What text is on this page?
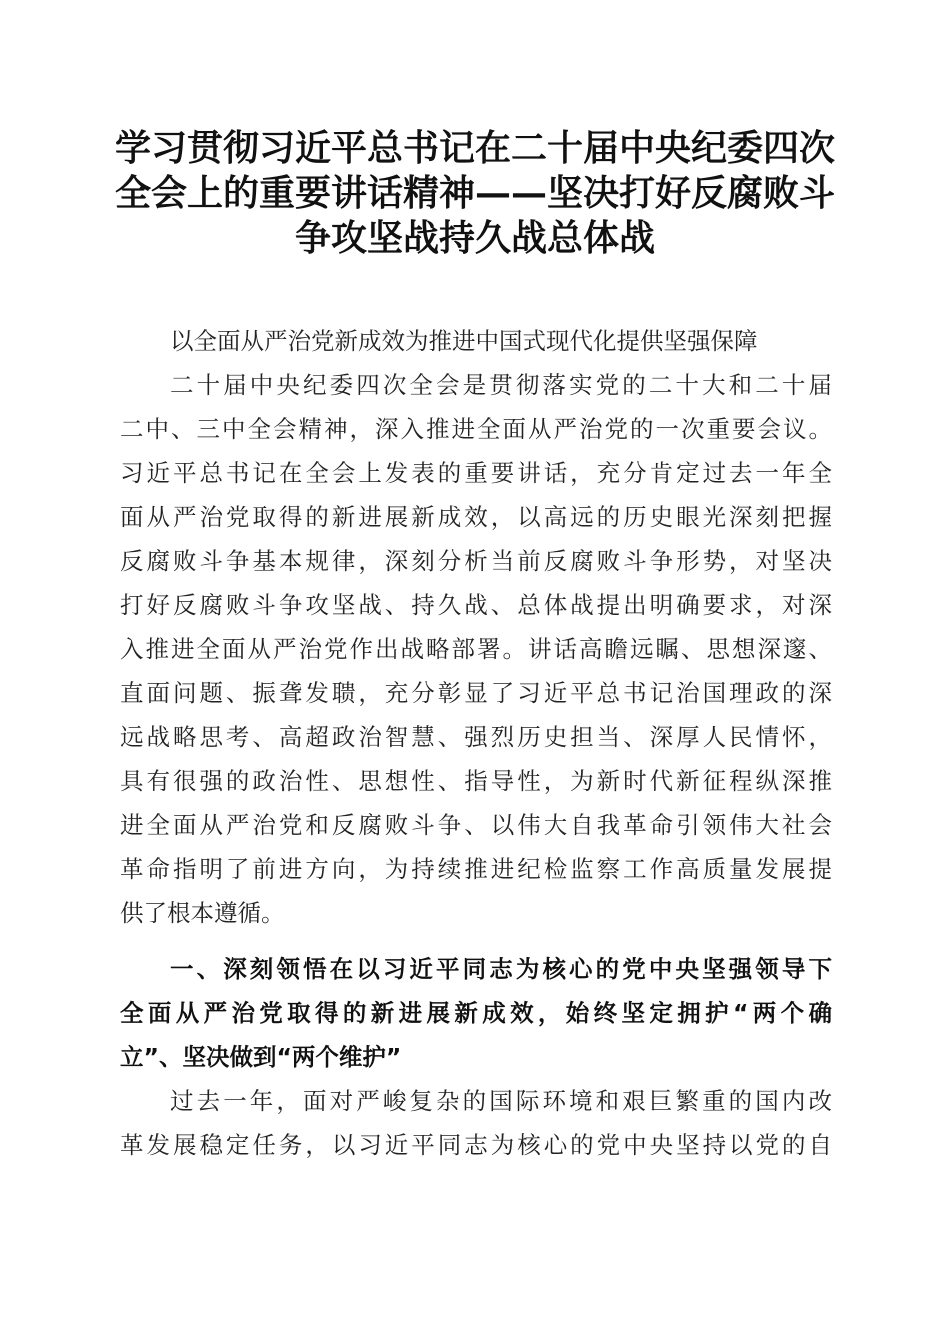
学习贯彻习近平总书记在二十届中央纪委四次
全会上的重要讲话精神——坚决打好反腐败斗
争攻坚战持久战总体战
以全面从严治党新成效为推进中国式现代化提供坚强保障
二十届中央纪委四次全会是贯彻落实党的二十大和二十届
二中、三中全会精神，深入推进全面从严治党的一次重要会议。
习近平总书记在全会上发表的重要讲话，充分肯定过去一年全
面从严治党取得的新进展新成效，以高远的历史眼光深刻把握
反腐败斗争基本规律，深刻分析当前反腐败斗争形势，对坚决
打好反腐败斗争攻坚战、持久战、总体战提出明确要求，对深
入推进全面从严治党作出战略部署。讲话高瞻远瞩、思想深邃、
直面问题、振聋发聩，充分彰显了习近平总书记治国理政的深
远战略思考、高超政治智慧、强烈历史担当、深厚人民情怀，
具有很强的政治性、思想性、指导性，为新时代新征程纵深推
进全面从严治党和反腐败斗争、以伟大自我革命引领伟大社会
革命指明了前进方向，为持续推进纪检监察工作高质量发展提
供了根本遵循。
一、深刻领悟在以习近平同志为核心的党中央坚强领导下
全面从严治党取得的新进展新成效，始终坚定拥护“两个确
立”、坚决做到“两个维护”
过去一年，面对严峻复杂的国际环境和艰巨繁重的国内改
革发展稳定任务，以习近平同志为核心的党中央坚持以党的自
